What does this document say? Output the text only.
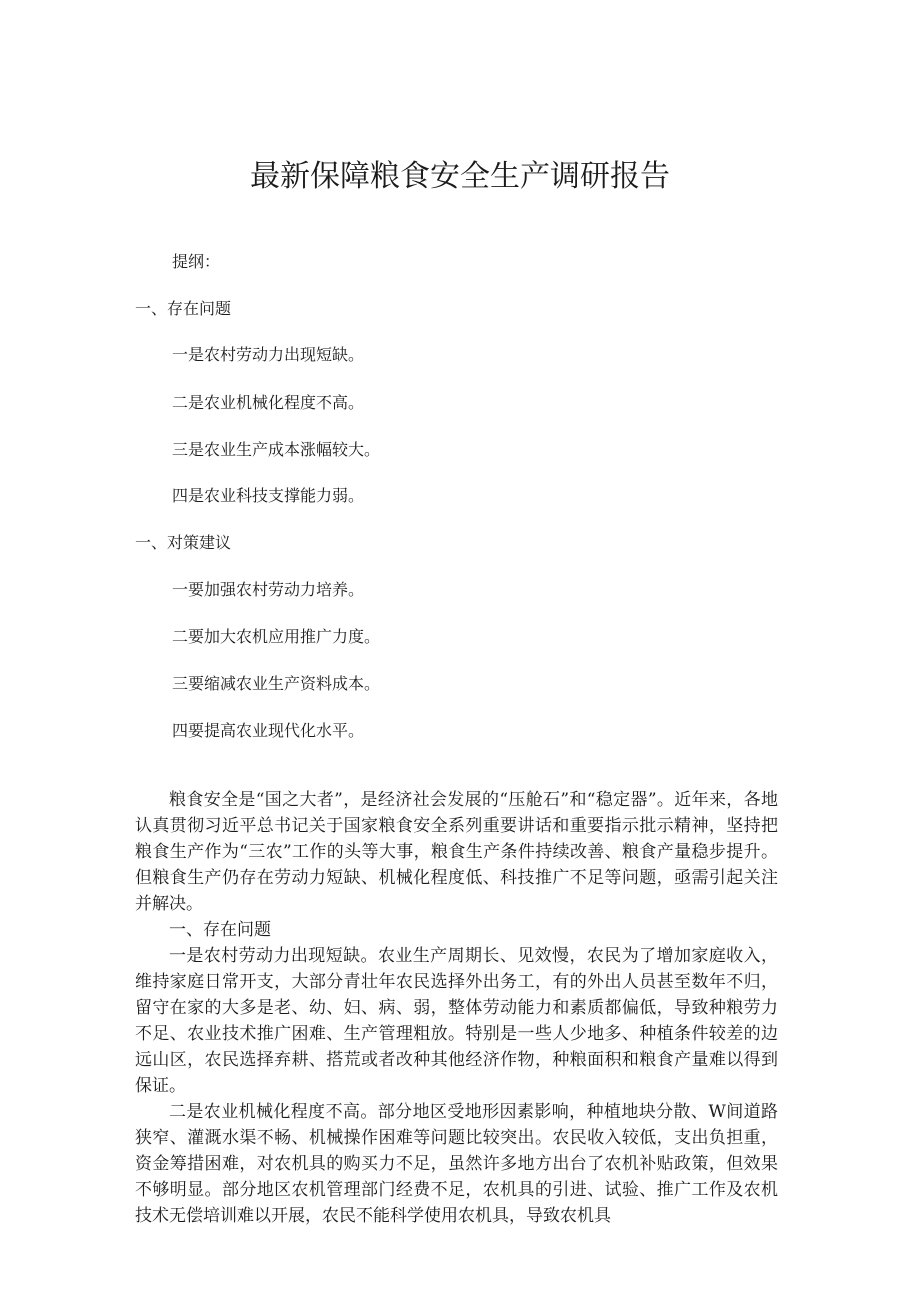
最新保障粮食安全生产调研报告
提纲：
一、存在问题
一是农村劳动力出现短缺。
二是农业机械化程度不高。
三是农业生产成本涨幅较大。
四是农业科技支撑能力弱。
一、对策建议
一要加强农村劳动力培养。
二要加大农机应用推广力度。
三要缩减农业生产资料成本。
四要提高农业现代化水平。

粮食安全是“国之大者”，是经济社会发展的“压舱石”和“稳定器”。近年来，各地认真贯彻习近平总书记关于国家粮食安全系列重要讲话和重要指示批示精神，坚持把粮食生产作为“三农”工作的头等大事，粮食生产条件持续改善、粮食产量稳步提升。但粮食生产仍存在劳动力短缺、机械化程度低、科技推广不足等问题，亟需引起关注并解决。

一、存在问题

一是农村劳动力出现短缺。农业生产周期长、见效慢，农民为了增加家庭收入，维持家庭日常开支，大部分青壮年农民选择外出务工，有的外出人员甚至数年不归，留守在家的大多是老、幼、妇、病、弱，整体劳动能力和素质都偏低，导致种粮劳力不足、农业技术推广困难、生产管理粗放。特别是一些人少地多、种植条件较差的边远山区，农民选择弃耕、搭荒或者改种其他经济作物，种粮面积和粮食产量难以得到保证。

二是农业机械化程度不高。部分地区受地形因素影响，种植地块分散、W间道路狭窄、灌溉水渠不畅、机械操作困难等问题比较突出。农民收入较低，支出负担重，资金筹措困难，对农机具的购买力不足，虽然许多地方出台了农机补贴政策，但效果不够明显。部分地区农机管理部门经费不足，农机具的引进、试验、推广工作及农机技术无偿培训难以开展，农民不能科学使用农机具，导致农机具
